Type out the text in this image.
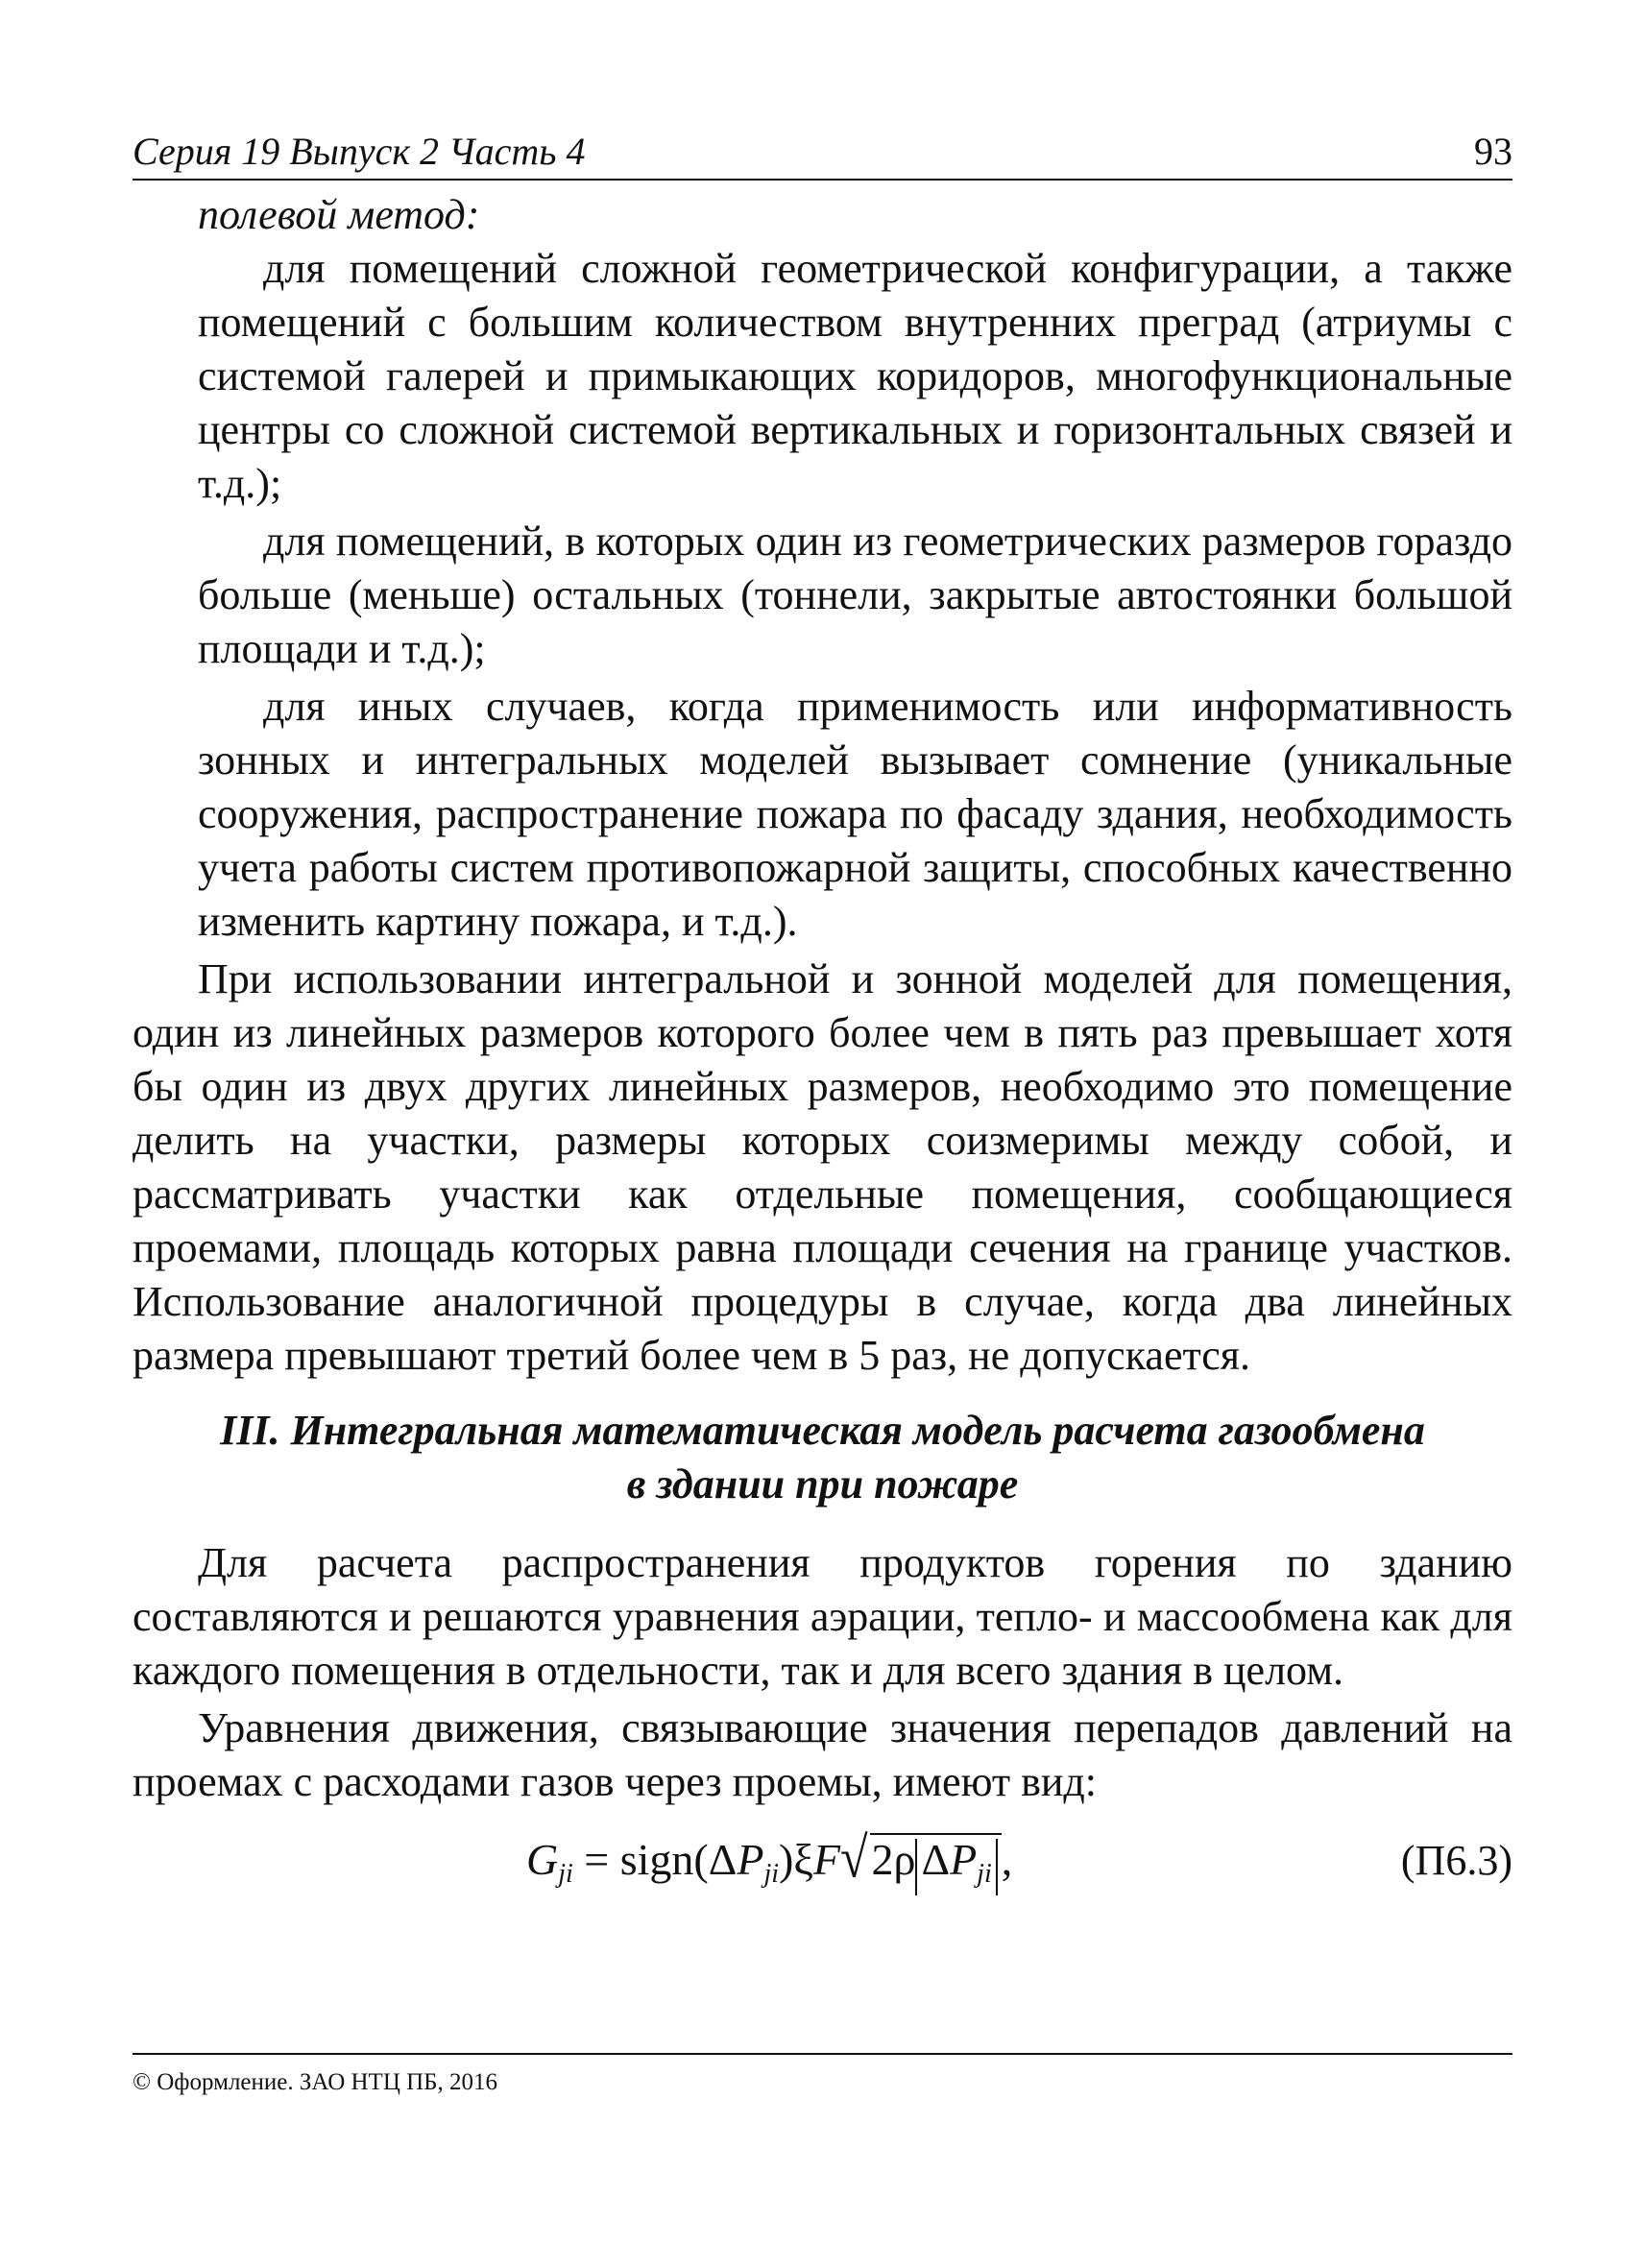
Серия 19 Выпуск 2 Часть 4	93

полевой метод:

для помещений сложной геометрической конфигурации, а также помещений с большим количеством внутренних преград (атриумы с системой галерей и примыкающих коридоров, многофункциональные центры со сложной системой вертикальных и горизонтальных связей и т.д.);

для помещений, в которых один из геометрических размеров гораздо больше (меньше) остальных (тоннели, закрытые автостоянки большой площади и т.д.);

для иных случаев, когда применимость или информативность зонных и интегральных моделей вызывает сомнение (уникальные сооружения, распространение пожара по фасаду здания, необходимость учета работы систем противопожарной защиты, способных качественно изменить картину пожара, и т.д.).

При использовании интегральной и зонной моделей для помещения, один из линейных размеров которого более чем в пять раз превышает хотя бы один из двух других линейных размеров, необходимо это помещение делить на участки, размеры которых соизмеримы между собой, и рассматривать участки как отдельные помещения, сообщающиеся проемами, площадь которых равна площади сечения на границе участков. Использование аналогичной процедуры в случае, когда два линейных размера превышают третий более чем в 5 раз, не допускается.

III. Интегральная математическая модель расчета газообмена
в здании при пожаре

Для расчета распространения продуктов горения по зданию составляются и решаются уравнения аэрации, тепло- и массообмена как для каждого помещения в отдельности, так и для всего здания в целом.

Уравнения движения, связывающие значения перепадов давлений на проемах с расходами газов через проемы, имеют вид:

$G_{ji}$ = $sign(\Delta P_{ji})\xi F√2\rho$ $\Delta P_{ji}$ ,	(П6.3)
© Оформление. ЗАО НТЦ ПБ, 2016
